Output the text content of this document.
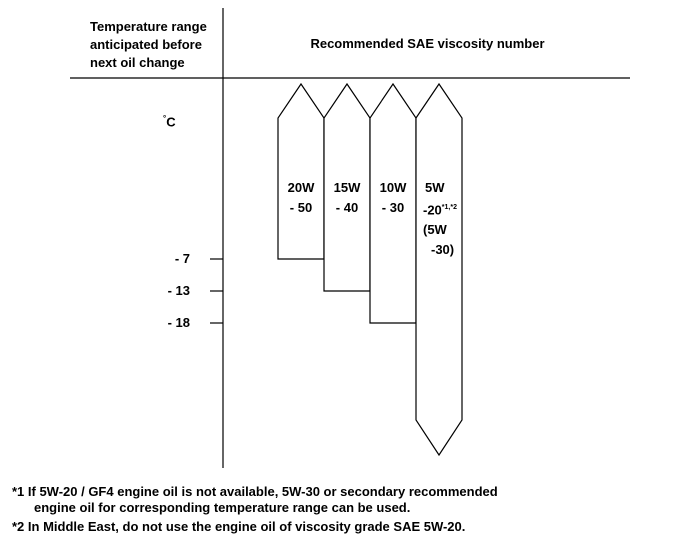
Temperature range
anticipated before
next oil change
Recommended SAE viscosity number
°C
- 7
- 13
- 18
20W
- 50
15W
- 40
10W
- 30
5W
$-20^{*1,*2}$
(5W
-30)
*1 If 5W-20 / GF4 engine oil is not available, 5W-30 or secondary recommended
engine oil for corresponding temperature range can be used.
*2 In Middle East, do not use the engine oil of viscosity grade SAE 5W-20.
